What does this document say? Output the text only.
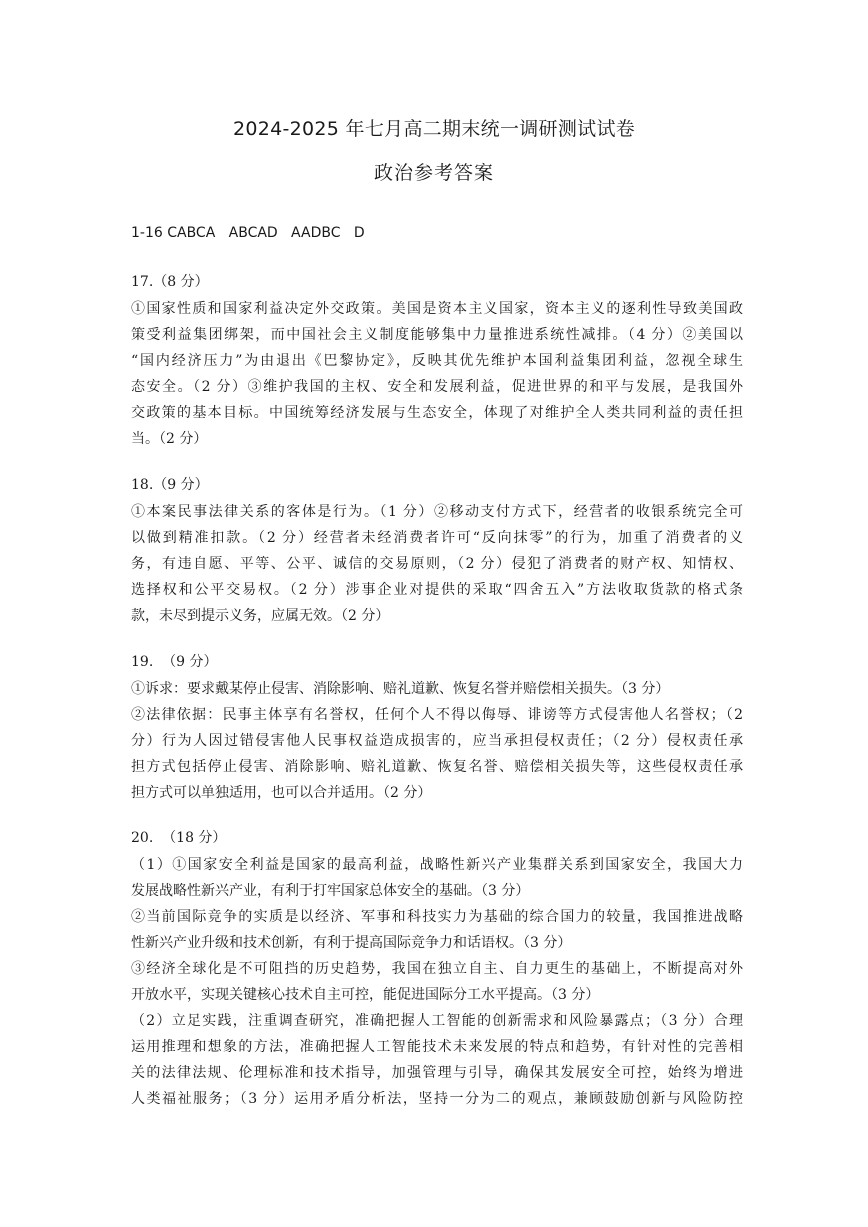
2024-2025 年七月高二期末统一调研测试试卷
政治参考答案
1-16 CABCA   ABCAD   AADBC   D
17.（8 分）
①国家性质和国家利益决定外交政策。美国是资本主义国家，资本主义的逐利性导致美国政
策受利益集团绑架，而中国社会主义制度能够集中力量推进系统性减排。（4 分）②美国以
“国内经济压力”为由退出《巴黎协定》，反映其优先维护本国利益集团利益，忽视全球生
态安全。（2 分）③维护我国的主权、安全和发展利益，促进世界的和平与发展，是我国外
交政策的基本目标。中国统筹经济发展与生态安全，体现了对维护全人类共同利益的责任担
当。（2 分）
18.（9 分）
①本案民事法律关系的客体是行为。（1 分）②移动支付方式下，经营者的收银系统完全可
以做到精准扣款。（2 分）经营者未经消费者许可“反向抹零”的行为，加重了消费者的义
务，有违自愿、平等、公平、诚信的交易原则，（2 分）侵犯了消费者的财产权、知情权、
选择权和公平交易权。（2 分）涉事企业对提供的采取“四舍五入”方法收取货款的格式条
款，未尽到提示义务，应属无效。（2 分）
19.  （9 分）
①诉求：要求戴某停止侵害、消除影响、赔礼道歉、恢复名誉并赔偿相关损失。（3 分）
②法律依据：民事主体享有名誉权，任何个人不得以侮辱、诽谤等方式侵害他人名誉权；（2
分）行为人因过错侵害他人民事权益造成损害的，应当承担侵权责任；（2 分）侵权责任承
担方式包括停止侵害、消除影响、赔礼道歉、恢复名誉、赔偿相关损失等，这些侵权责任承
担方式可以单独适用，也可以合并适用。（2 分）
20.  （18 分）
（1）①国家安全利益是国家的最高利益，战略性新兴产业集群关系到国家安全，我国大力
发展战略性新兴产业，有利于打牢国家总体安全的基础。（3 分）
②当前国际竞争的实质是以经济、军事和科技实力为基础的综合国力的较量，我国推进战略
性新兴产业升级和技术创新，有利于提高国际竞争力和话语权。（3 分）
③经济全球化是不可阻挡的历史趋势，我国在独立自主、自力更生的基础上，不断提高对外
开放水平，实现关键核心技术自主可控，能促进国际分工水平提高。（3 分）
（2）立足实践，注重调查研究，准确把握人工智能的创新需求和风险暴露点；（3 分）合理
运用推理和想象的方法，准确把握人工智能技术未来发展的特点和趋势，有针对性的完善相
关的法律法规、伦理标准和技术指导，加强管理与引导，确保其发展安全可控，始终为增进
人类福祉服务；（3 分）运用矛盾分析法，坚持一分为二的观点，兼顾鼓励创新与风险防控
